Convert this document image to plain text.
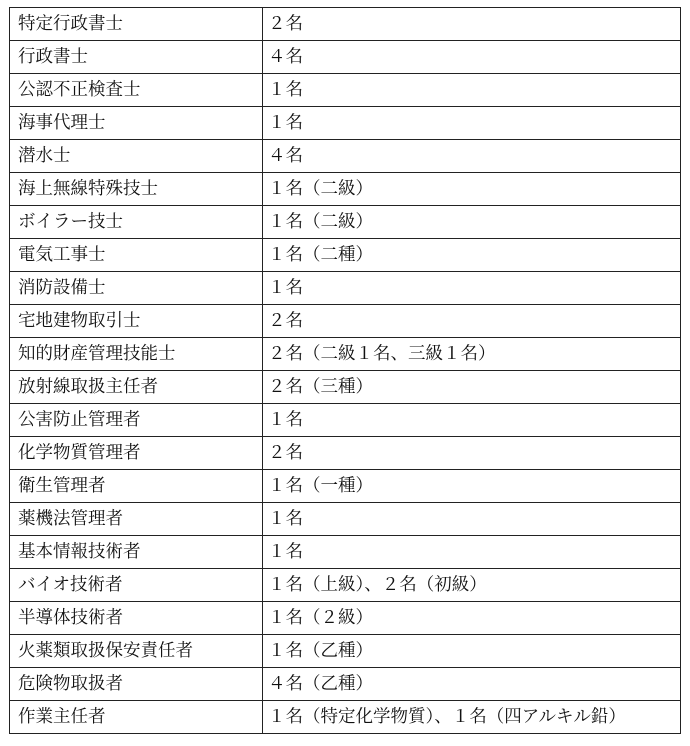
特定行政書士	２名
行政書士	４名
公認不正検査士	１名
海事代理士	１名
潜水士	４名
海上無線特殊技士	１名（二級）
ボイラー技士	１名（二級）
電気工事士	１名（二種）
消防設備士	１名
宅地建物取引士	２名
知的財産管理技能士	２名（二級１名、三級１名）
放射線取扱主任者	２名（三種）
公害防止管理者	１名
化学物質管理者	２名
衛生管理者	１名（一種）
薬機法管理者	１名
基本情報技術者	１名
バイオ技術者	１名（上級）、２名（初級）
半導体技術者	１名（２級）
火薬類取扱保安責任者	１名（乙種）
危険物取扱者	４名（乙種）
作業主任者	１名（特定化学物質）、１名（四アルキル鉛）
